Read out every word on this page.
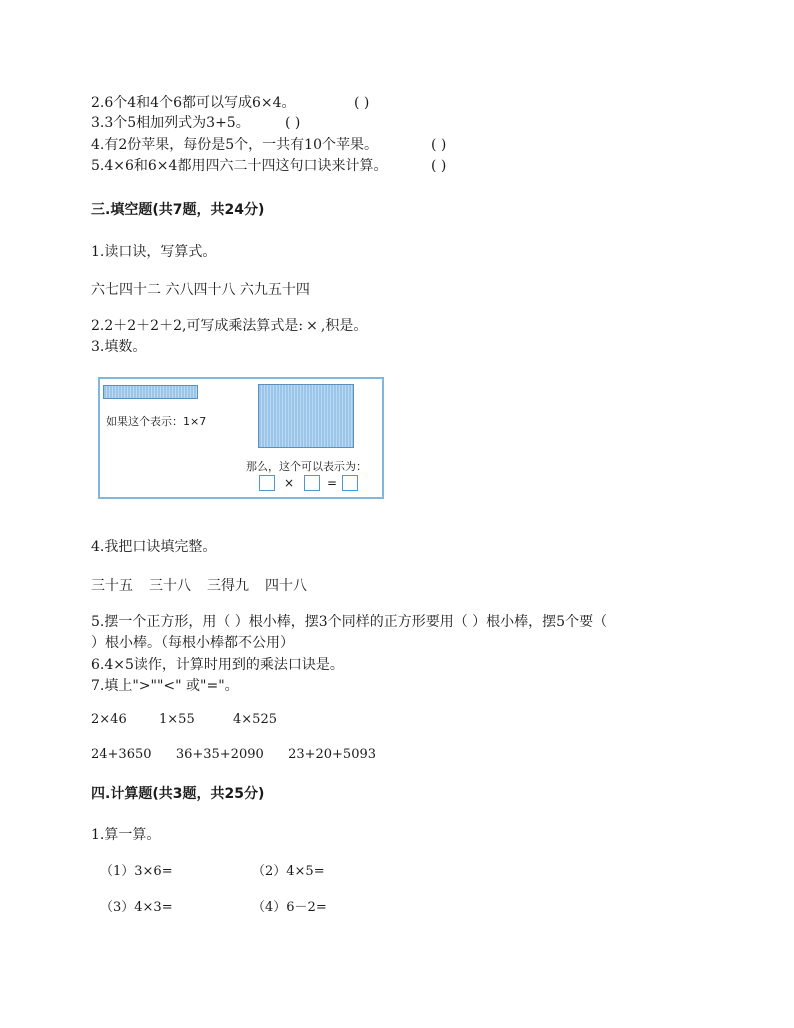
2.6个4和4个6都可以写成6×4。	( )
3.3个5相加列式为3+5。	( )
4.有2份苹果，每份是5个，一共有10个苹果。	( )
5.4×6和6×4都用四六二十四这句口诀来计算。	( )
三.填空题(共7题，共24分)
1.读口诀，写算式。
六七四十二 六八四十八 六九五十四
2.2＋2＋2＋2,可写成乘法算式是: × ,积是。
3.填数。
如果这个表示：1×7
那么，这个可以表示为：
×	=
4.我把口诀填完整。
三十五 三十八 三得九 四十八
5.摆一个正方形，用（ ）根小棒，摆3个同样的正方形要用（ ）根小棒，摆5个要（
）根小棒。（每根小棒都不公用）
6.4×5读作，计算时用到的乘法口诀是。
7.填上">""<" 或"="。
2×46 1×55	4×525
24+3650 36+35+2090 23+20+5093
四.计算题(共3题，共25分)
1.算一算。
（1）3×6=	（2）4×5=
（3）4×3=	（4）6－2=
